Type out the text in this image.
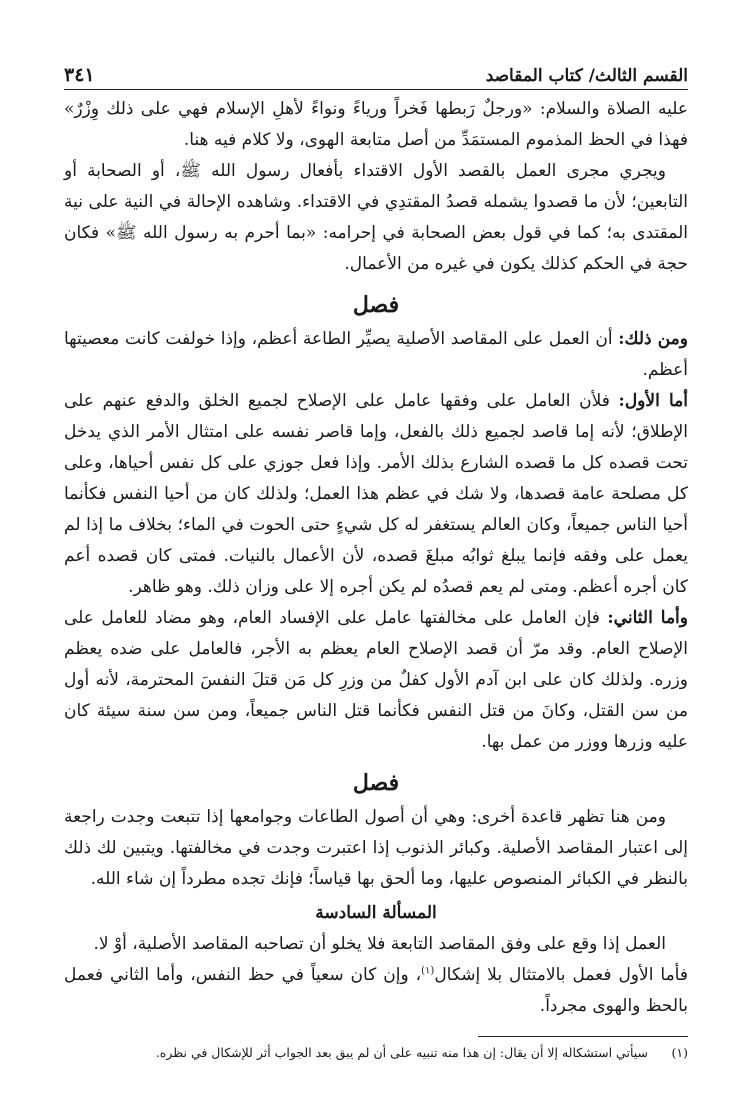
القسم الثالث/ كتاب المقاصد
٣٤١

عليه الصلاة والسلام: «ورجلٌ رَبطها فَخراً ورياءً ونواءً لأهلِ الإسلام فهي على ذلك وِزْرٌ» فهذا في الحظ المذموم المستمَدِّ من أصل متابعة الهوى، ولا كلام فيه هنا.

ويجري مجرى العمل بالقصد الأول الاقتداء بأفعال رسول الله ﷺ، أو الصحابة أو التابعين؛ لأن ما قصدوا يشمله قصدُ المقتدِي في الاقتداء. وشاهده الإحالة في النية على نية المقتدى به؛ كما في قول بعض الصحابة في إحرامه: «بما أحرم به رسول الله ﷺ» فكان حجة في الحكم كذلك يكون في غيره من الأعمال.

فصل

ومن ذلك: أن العمل على المقاصد الأصلية يصيِّر الطاعة أعظم، وإذا خولفت كانت معصيتها أعظم.

أما الأول: فلأن العامل على وفقها عامل على الإصلاح لجميع الخلق والدفع عنهم على الإطلاق؛ لأنه إما قاصد لجميع ذلك بالفعل، وإما قاصر نفسه على امتثال الأمر الذي يدخل تحت قصده كل ما قصده الشارع بذلك الأمر. وإذا فعل جوزي على كل نفس أحياها، وعلى كل مصلحة عامة قصدها، ولا شك في عظم هذا العمل؛ ولذلك كان من أحيا النفس فكأنما أحيا الناس جميعاً، وكان العالم يستغفر له كل شيءٍ حتى الحوت في الماء؛ بخلاف ما إذا لم يعمل على وفقه فإنما يبلغ ثوابُه مبلغَ قصده، لأن الأعمال بالنيات. فمتى كان قصده أعم كان أجره أعظم. ومتى لم يعم قصدُه لم يكن أجره إلا على وزان ذلك. وهو ظاهر.

وأما الثاني: فإن العامل على مخالفتها عامل على الإفساد العام، وهو مضاد للعامل على الإصلاح العام. وقد مرّ أن قصد الإصلاح العام يعظم به الأجر، فالعامل على ضده يعظم وزره. ولذلك كان على ابن آدم الأول كفلٌ من وزرِ كل مَن قتلَ النفسَ المحترمة، لأنه أول من سن القتل، وكانَ من قتل النفس فكأنما قتل الناس جميعاً، ومن سن سنة سيئة كان عليه وزرها ووزر من عمل بها.

فصل

ومن هنا تظهر قاعدة أخرى: وهي أن أصول الطاعات وجوامعها إذا تتبعت وجدت راجعة إلى اعتبار المقاصد الأصلية. وكبائر الذنوب إذا اعتبرت وجدت في مخالفتها. ويتبين لك ذلك بالنظر في الكبائر المنصوص عليها، وما ألحق بها قياساً؛ فإنك تجده مطرداً إن شاء الله.

المسألة السادسة

العمل إذا وقع على وفق المقاصد التابعة فلا يخلو أن تصاحبه المقاصد الأصلية، أوْ لا.

فأما الأول فعمل بالامتثال بلا إشكال$^{(١)}$، وإن كان سعياً في حظ النفس، وأما الثاني فعمل بالحظ والهوى مجرداً.

(١)
سيأتي استشكاله إلا أن يقال: إن هذا منه تنبيه على أن لم يبق بعد الجواب أثر للإشكال في نظره.
